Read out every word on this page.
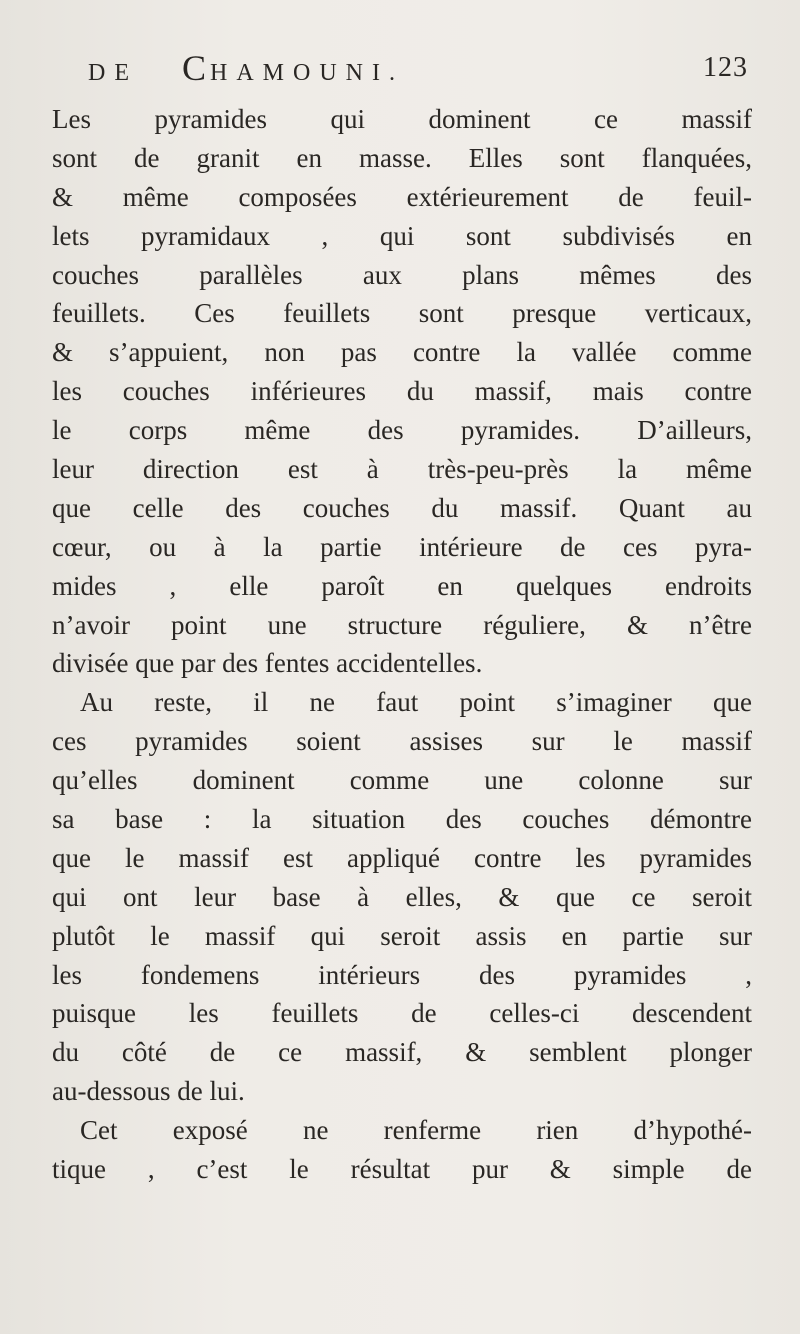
DE CHAMOUNI.	123
Les pyramides qui dominent ce massif
sont de granit en masse. Elles sont flanquées,
& même composées extérieurement de feuil-
lets pyramidaux , qui sont subdivisés en
couches parallèles aux plans mêmes des
feuillets. Ces feuillets sont presque verticaux,
& s’appuient, non pas contre la vallée comme
les couches inférieures du massif, mais contre
le corps même des pyramides. D’ailleurs,
leur direction est à très-peu-près la même
que celle des couches du massif. Quant au
cœur, ou à la partie intérieure de ces pyra-
mides , elle paroît en quelques endroits
n’avoir point une structure réguliere, & n’être
divisée que par des fentes accidentelles.
Au reste, il ne faut point s’imaginer que
ces pyramides soient assises sur le massif
qu’elles dominent comme une colonne sur
sa base : la situation des couches démontre
que le massif est appliqué contre les pyramides
qui ont leur base à elles, & que ce seroit
plutôt le massif qui seroit assis en partie sur
les fondemens intérieurs des pyramides ,
puisque les feuillets de celles-ci descendent
du côté de ce massif, & semblent plonger
au-dessous de lui.
Cet exposé ne renferme rien d’hypothé-
tique , c’est le résultat pur & simple de
